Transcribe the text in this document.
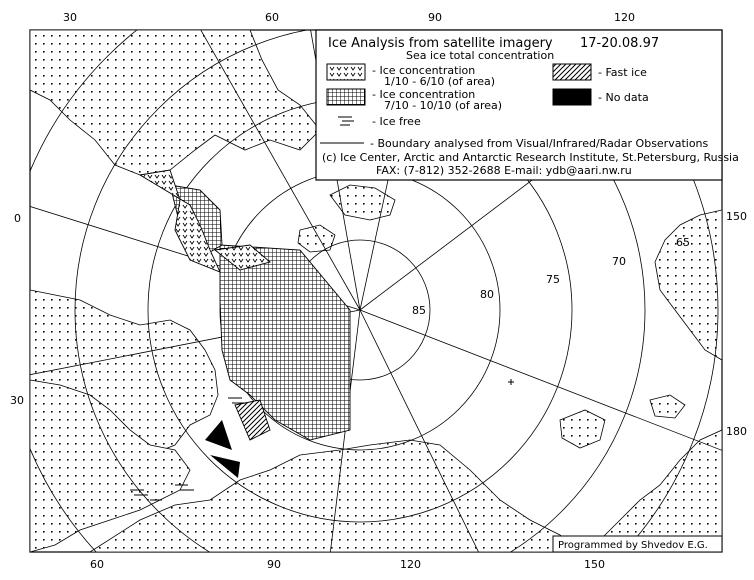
85
80
75
70
65
30	60	90	120
60	90	120	150
0
30
150
180
Ice Analysis from satellite imagery 17-20.08.97
Sea ice total concentration
- Ice concentration
1/10 - 6/10 (of area)
- Ice concentration
7/10 - 10/10 (of area)
- Fast ice
- No data
- Ice free
- Boundary analysed from Visual/Infrared/Radar Observations
(c) Ice Center, Arctic and Antarctic Research Institute, St.Petersburg, Russia
FAX: (7-812) 352-2688 E-mail: ydb@aari.nw.ru
Programmed by Shvedov E.G.
